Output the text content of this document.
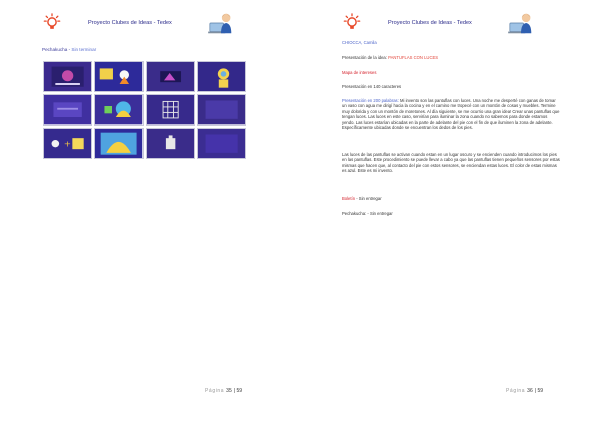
Proyecto Clubes de Ideas - Tedex
Pechakucha - Sin terminar
+
Página 35 | 59
Proyecto Clubes de Ideas - Tedex
Página 36 | 59
CHIOCCA, Camila
Presentación de la idea: PANTUFLAS CON LUCES
Mapa de intereses
Presentación en 140 caracteres
Presentación en 200 palabras: Mi invento son las pantuflas con luces. Una noche me desperté con ganas de tomar un vaso con agua me dirigí hacia la cocina y en el camino me tropecé con un montón de cosas y muebles. Termine muy dolorida y con un montón de moretones. Al día siguiente, se me ocurrio una gran idea! Crear unas pantuflas que tengan luces. Las luces en este caso, servirían para iluminar la zona cuando no sabemos para donde estamos yendo. Las luces estarían ubicadas en la parte de adelante del pie con el fin de que iluminen la zona de adelante. Específicamente ubicadas donde se encuentran los dedos de los pies.
Las luces de las pantuflas se activan cuando estan en un lugar oscuro y se encienden cuando introducimos los pies en las pantuflas. Este procedimiento se puede llevar a cabo ya que las pantuflas tienen pequeños sensores por estas mismas que hacen que, al contacto del pie con estos sensores, se enciendan estas luces. El color de estas mismas es azul. Este es mi invento.
Boletín - Sin entregar
Pechakucha: - Sin entregar
